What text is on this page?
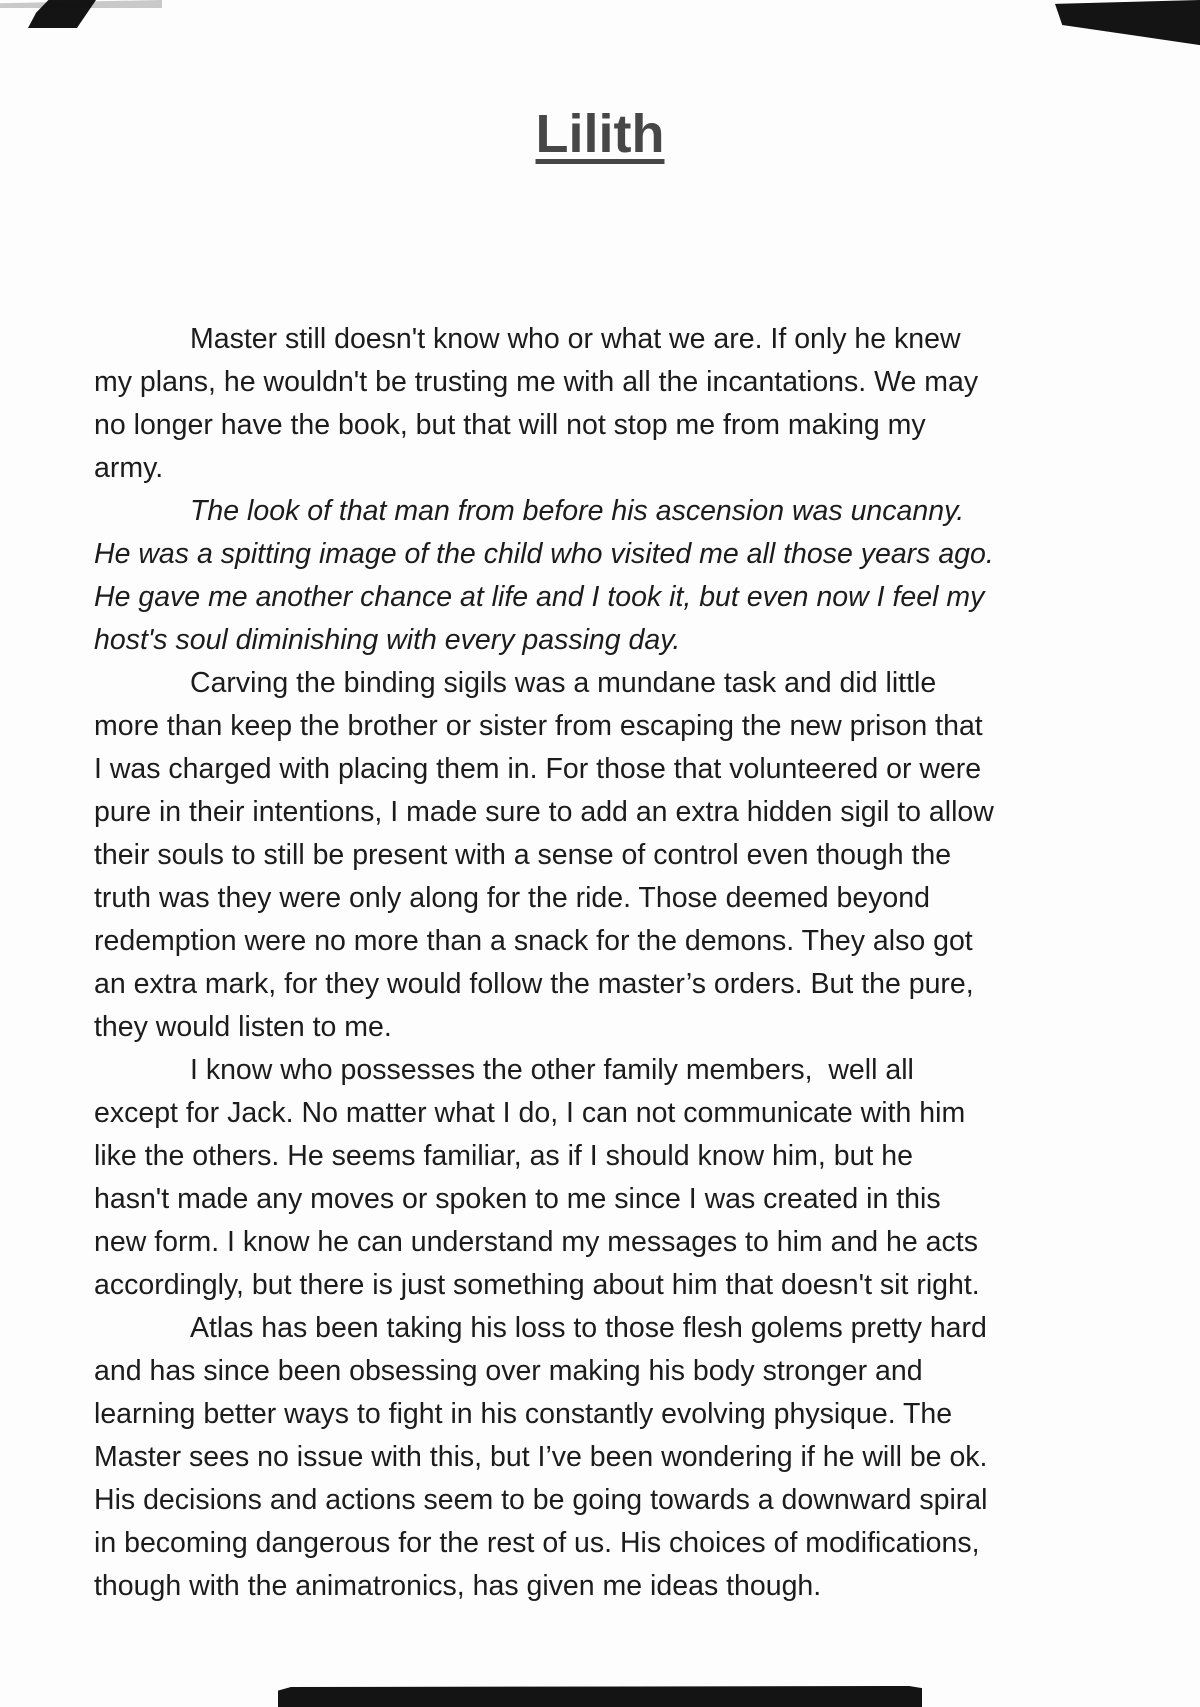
Lilith
Master still doesn't know who or what we are. If only he knew
my plans, he wouldn't be trusting me with all the incantations. We may
no longer have the book, but that will not stop me from making my
army.
The look of that man from before his ascension was uncanny.
He was a spitting image of the child who visited me all those years ago.
He gave me another chance at life and I took it, but even now I feel my
host's soul diminishing with every passing day.
Carving the binding sigils was a mundane task and did little
more than keep the brother or sister from escaping the new prison that
I was charged with placing them in. For those that volunteered or were
pure in their intentions, I made sure to add an extra hidden sigil to allow
their souls to still be present with a sense of control even though the
truth was they were only along for the ride. Those deemed beyond
redemption were no more than a snack for the demons. They also got
an extra mark, for they would follow the master’s orders. But the pure,
they would listen to me.
I know who possesses the other family members,  well all
except for Jack. No matter what I do, I can not communicate with him
like the others. He seems familiar, as if I should know him, but he
hasn't made any moves or spoken to me since I was created in this
new form. I know he can understand my messages to him and he acts
accordingly, but there is just something about him that doesn't sit right.
Atlas has been taking his loss to those flesh golems pretty hard
and has since been obsessing over making his body stronger and
learning better ways to fight in his constantly evolving physique. The
Master sees no issue with this, but I’ve been wondering if he will be ok.
His decisions and actions seem to be going towards a downward spiral
in becoming dangerous for the rest of us. His choices of modifications,
though with the animatronics, has given me ideas though.
